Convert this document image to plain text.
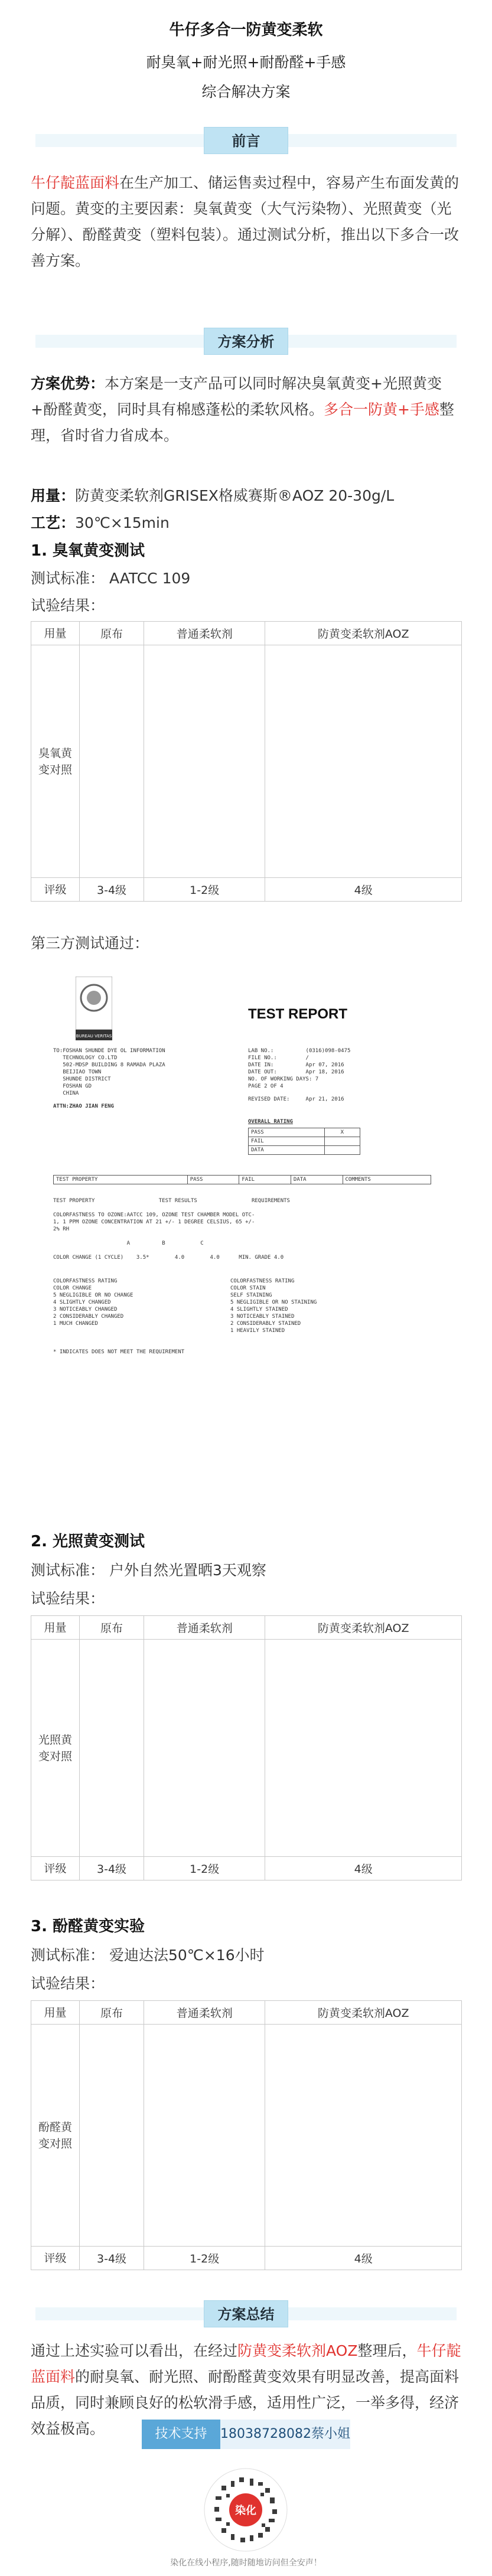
牛仔多合一防黄变柔软
耐臭氧+耐光照+耐酚醛+手感
综合解决方案
前言
牛仔靛蓝面料在生产加工、储运售卖过程中，容易产生布面发黄的问题。黄变的主要因素：臭氧黄变（大气污染物）、光照黄变（光分解）、酚醛黄变（塑料包装）。通过测试分析，推出以下多合一改善方案。
方案分析
方案优势：本方案是一支产品可以同时解决臭氧黄变+光照黄变+酚醛黄变，同时具有棉感蓬松的柔软风格。多合一防黄+手感整理，省时省力省成本。
用量：防黄变柔软剂GRISEX格威赛斯®AOZ 20-30g/L
工艺：30℃×15min
1. 臭氧黄变测试
测试标准： AATCC 109
试验结果：
用量	原布	普通柔软剂	防黄变柔软剂AOZ
臭氧黄变对照	

评级	3-4级	1-2级	4级
第三方测试通过：
BUREAU VERITAS
TEST REPORT
TO:FOSHAN SHUNDE DYE OL INFORMATION
TECHNOLOGY CO.LTD
502-MDSP BUILDING 8 RAMADA PLAZA
BEIJIAO TOWN
SHUNDE DISTRICT
FOSHAN GD
CHINA
ATTN:ZHAO JIAN FENG
LAB NO.:          (0316)098-0475
FILE NO.:         /
DATE IN:          Apr 07, 2016
DATE OUT:         Apr 18, 2016
NO. OF WORKING DAYS: 7
PAGE 2 OF 4
REVISED DATE:     Apr 21, 2016
OVERALL RATING
PASS	X
FAIL	
DATA	
TEST PROPERTY	PASS	FAIL	DATA	COMMENTS
TEST PROPERTY                    TEST RESULTS                 REQUIREMENTS

COLORFASTNESS TO OZONE:AATCC 109, OZONE TEST CHAMBER MODEL OTC-
1, 1 PPM OZONE CONCENTRATION AT 21 +/- 1 DEGREE CELSIUS, 65 +/-
2% RH

A          B           C

COLOR CHANGE (1 CYCLE)    3.5*        4.0        4.0      MIN. GRADE 4.0
COLORFASTNESS RATING
COLOR CHANGE
5 NEGLIGIBLE OR NO CHANGE
4 SLIGHTLY CHANGED
3 NOTICEABLY CHANGED
2 CONSIDERABLY CHANGED
1 MUCH CHANGED
COLORFASTNESS RATING
COLOR STAIN
SELF STAINING
5 NEGLIGIBLE OR NO STAINING
4 SLIGHTLY STAINED
3 NOTICEABLY STAINED
2 CONSIDERABLY STAINED
1 HEAVILY STAINED
* INDICATES DOES NOT MEET THE REQUIREMENT
2. 光照黄变测试
测试标准： 户外自然光置晒3天观察
试验结果：
用量	原布	普通柔软剂	防黄变柔软剂AOZ
光照黄变对照	

评级	3-4级	1-2级	4级
3. 酚醛黄变实验
测试标准： 爱迪达法50℃×16小时
试验结果：
用量	原布	普通柔软剂	防黄变柔软剂AOZ
酚醛黄变对照	

评级	3-4级	1-2级	4级
方案总结
通过上述实验可以看出，在经过防黄变柔软剂AOZ整理后，牛仔靛蓝面料的耐臭氧、耐光照、耐酚醛黄变效果有明显改善，提高面料品质，同时兼顾良好的松软滑手感，适用性广泛，一举多得，经济效益极高。	技术支持	18038728082蔡小姐
染化
染化在线小程序,随时随地访问但全安声！
